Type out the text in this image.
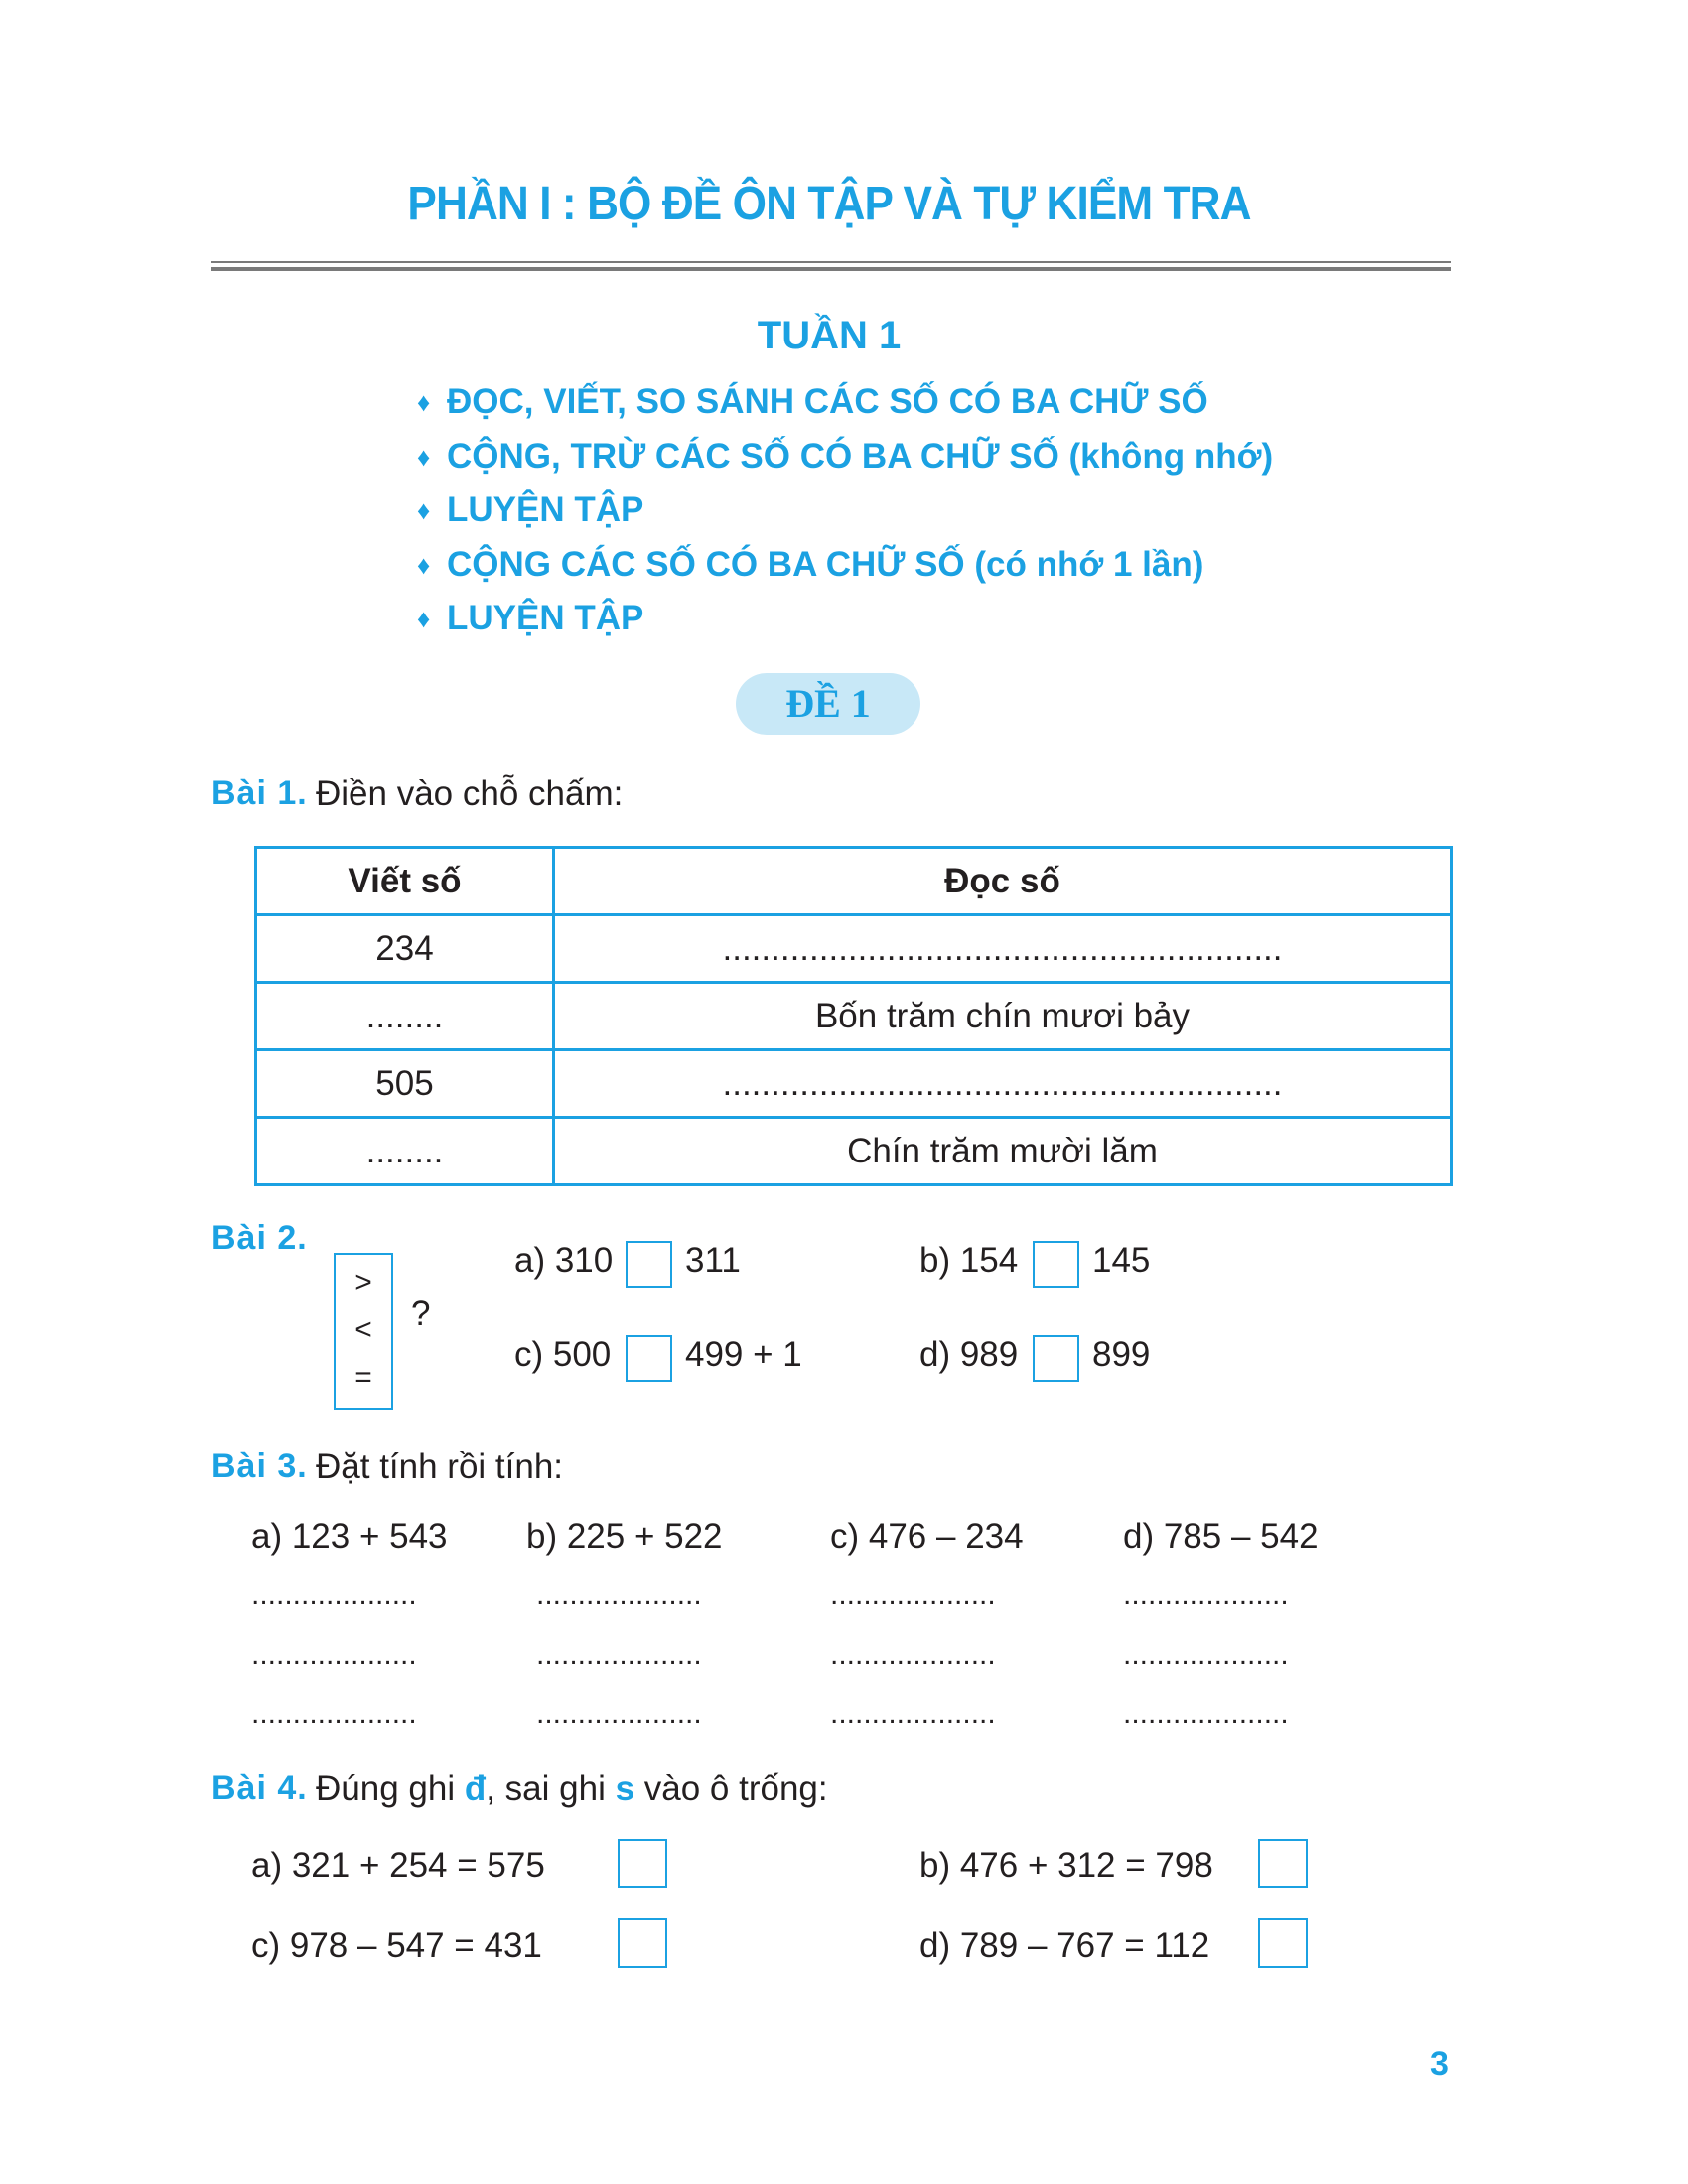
PHẦN I : BỘ ĐỀ ÔN TẬP VÀ TỰ KIỂM TRA
TUẦN 1
♦ ĐỌC, VIẾT, SO SÁNH CÁC SỐ CÓ BA CHỮ SỐ
♦ CỘNG, TRỪ CÁC SỐ CÓ BA CHỮ SỐ (không nhớ)
♦ LUYỆN TẬP
♦ CỘNG CÁC SỐ CÓ BA CHỮ SỐ (có nhớ 1 lần)
♦ LUYỆN TẬP
ĐỀ 1
Bài 1. Điền vào chỗ chấm:
Viết số	Đọc số
234	..........................................................
........	Bốn trăm chín mươi bảy
505	..........................................................
........	Chín trăm mười lăm
Bài 2.
>
<
=
?
a) 310 311	b) 154 145
c) 500 499 + 1	d) 989 899
Bài 3. Đặt tính rồi tính:
a) 123 + 543 b) 225 + 522	c) 476 – 234	d) 785 – 542
....................	....................	....................	....................
....................	....................	....................	....................
....................	....................	....................	....................
Bài 4. Đúng ghi đ, sai ghi s vào ô trống:
a) 321 + 254 = 575	b) 476 + 312 = 798
c) 978 – 547 = 431	d) 789 – 767 = 112
3
